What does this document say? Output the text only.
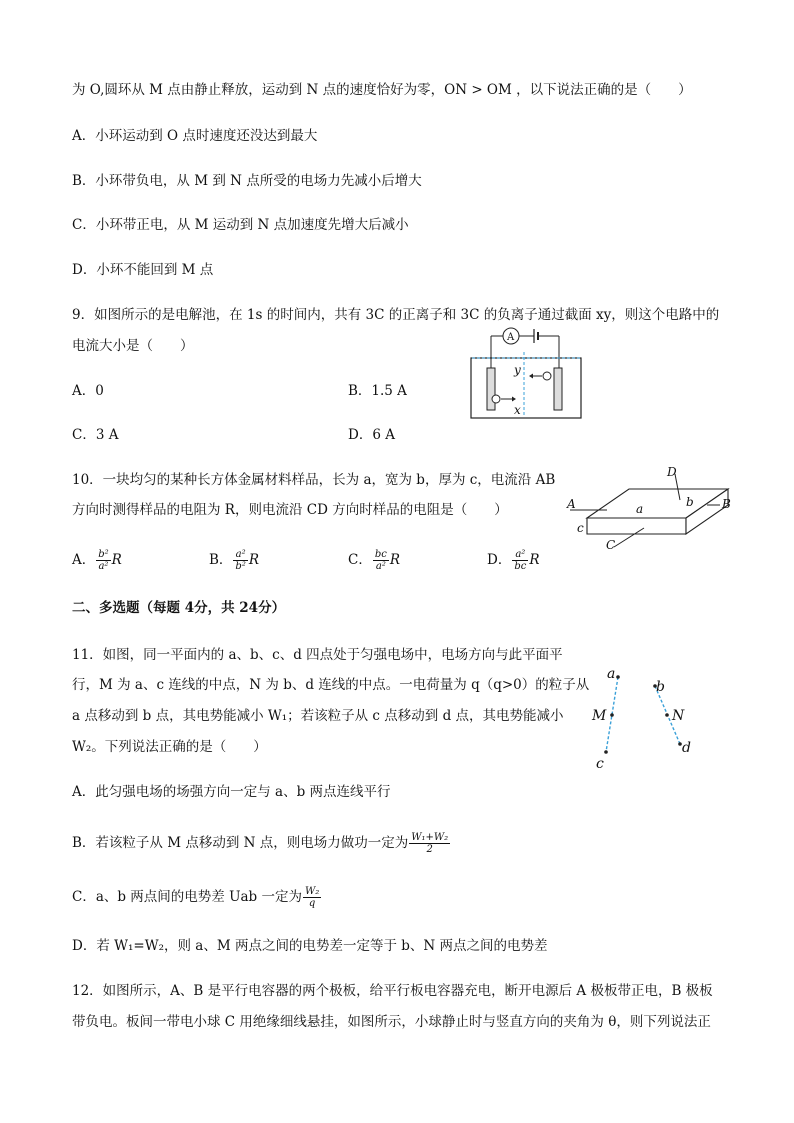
为 O,圆环从 M 点由静止释放，运动到 N 点的速度恰好为零，ON > OM ，以下说法正确的是（　　）
A．小环运动到 O 点时速度还没达到最大
B．小环带负电，从 M 到 N 点所受的电场力先减小后增大
C．小环带正电，从 M 运动到 N 点加速度先增大后减小
D．小环不能回到 M 点
9．如图所示的是电解池，在 1s 的时间内，共有 3C 的正离子和 3C 的负离子通过截面 xy，则这个电路中的
电流大小是（　　）
A．0	B．1.5 A
C．3 A	D．6 A
A
y
x
10．一块均匀的某种长方体金属材料样品，长为 a，宽为 b，厚为 c，电流沿 AB
方向时测得样品的电阻为 R，则电流沿 CD 方向时样品的电阻是（　　）
A． $\frac{\text{b²}}{\text{a²}}$ R	B． $\frac{\text{a²}}{\text{b²}}$ R	C． $\frac{bc}{\text{a²}}$ R	D． $\frac{\text{a²}}{bc}$ R
A	B
D
C
a	b
c
二、多选题（每题 4分，共 24分）
11．如图，同一平面内的 a、b、c、d 四点处于匀强电场中，电场方向与此平面平
行，M 为 a、c 连线的中点，N 为 b、d 连线的中点。一电荷量为 q（q>0）的粒子从
a 点移动到 b 点，其电势能减小 W₁；若该粒子从 c 点移动到 d 点，其电势能减小
W₂。下列说法正确的是（　　）
a
c
M
b
d
N
A．此匀强电场的场强方向一定与 a、b 两点连线平行
B．若该粒子从 M 点移动到 N 点，则电场力做功一定为 $\frac{\text{W₁+W₂}}{2}$
C．a、b 两点间的电势差 Uab 一定为 $\frac{\text{W₂}}{q}$
D．若 W₁=W₂，则 a、M 两点之间的电势差一定等于 b、N 两点之间的电势差
12．如图所示，A、B 是平行电容器的两个极板，给平行板电容器充电，断开电源后 A 极板带正电，B 极板
带负电。板间一带电小球 C 用绝缘细线悬挂，如图所示，小球静止时与竖直方向的夹角为 θ，则下列说法正
